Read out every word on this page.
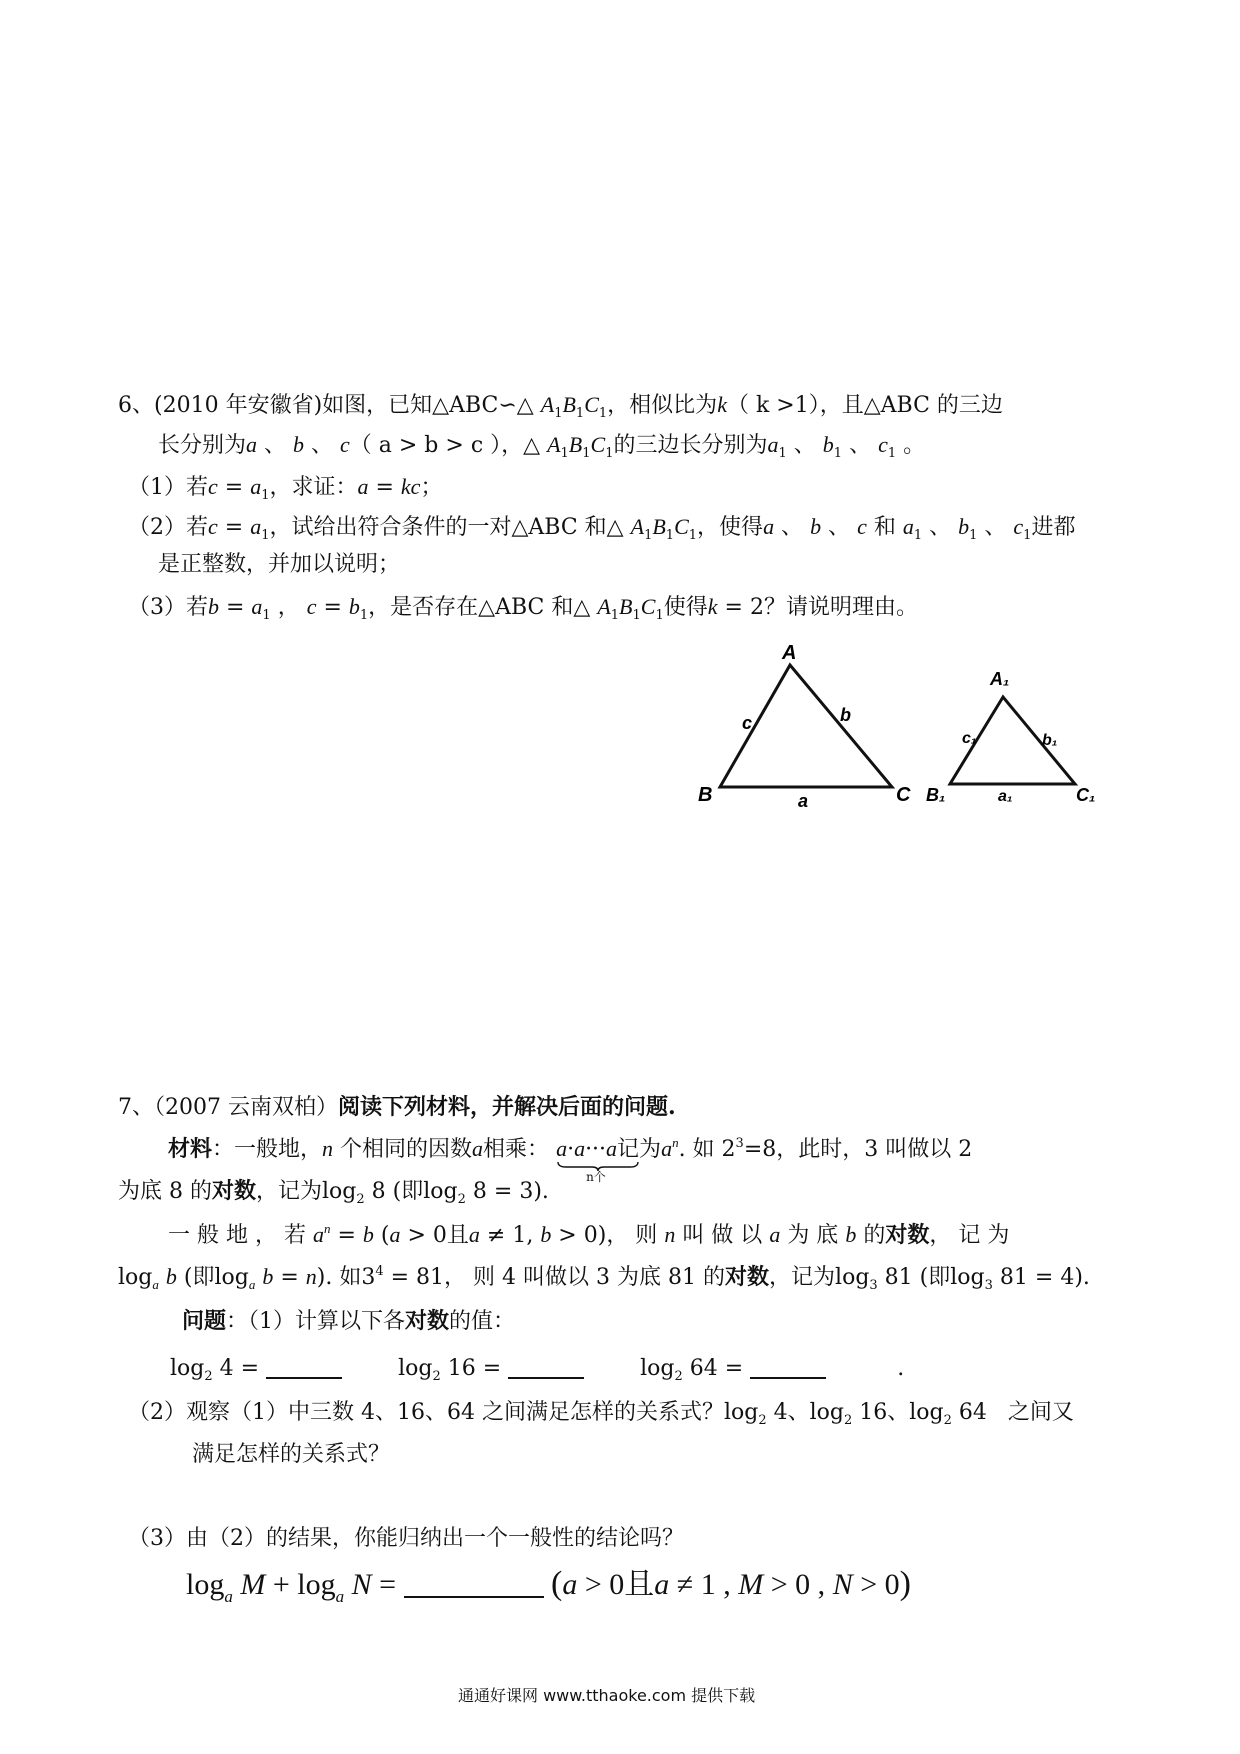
6、(2010 年安徽省)如图，已知△ABC∽△ $A_1B_1C_1$，相似比为k（ k >1），且△ABC 的三边
长分别为a 、 b 、 c（ a > b > c ），△ $A_1B_1C_1$的三边长分别为$a_1$ 、 $b_1$ 、 $c_1$ 。
（1）若$c = a_1$，求证：a = kc；
（2）若$c = a_1$，试给出符合条件的一对△ABC 和△ $A_1B_1C_1$，使得a 、 b 、 c 和 $a_1$ 、 $b_1$ 、 $c_1$进都
是正整数，并加以说明；
（3）若$b = a_1$ ， $c = b_1$，是否存在△ABC 和△ $A_1B_1C_1$使得k = 2？请说明理由。
A
B	C
a
b
c
A₁
B₁	C₁
a₁
b₁
c₁
7、（2007 云南双柏）阅读下列材料，并解决后面的问题.
材料：一般地，n 个相同的因数a相乘： a·a···a
n个
记为$a^n$. 如 $2^3=8$，此时，3 叫做以 2
为底 8 的对数，记为$\log_2 8$ (即$\log_2 8 = 3$).
一 般 地 ， 若 $a^n = b$ (a > 0且a ≠ 1, b > 0)， 则 n 叫 做 以 a 为 底 b 的对数， 记 为
$\log_a b$ (即$\log_a b = n$). 如$3^4 = 81$， 则 4 叫做以 3 为底 81 的对数，记为$\log_3 81$ (即$\log_3 81 = 4$).
问题：（1）计算以下各对数的值：
$\log_2 4$ =	$\log_2 16$ =	$\log_2 64$ =	.
（2）观察（1）中三数 4、16、64 之间满足怎样的关系式？$\log_2 4$、$\log_2 16$、$\log_2 64$   之间又
满足怎样的关系式？
（3）由（2）的结果，你能归纳出一个一般性的结论吗？
$\log_a M + \log_a N$ =	(a > 0且a ≠ 1 , M > 0 , N > 0)
通通好课网 www.tthaoke.com 提供下载
